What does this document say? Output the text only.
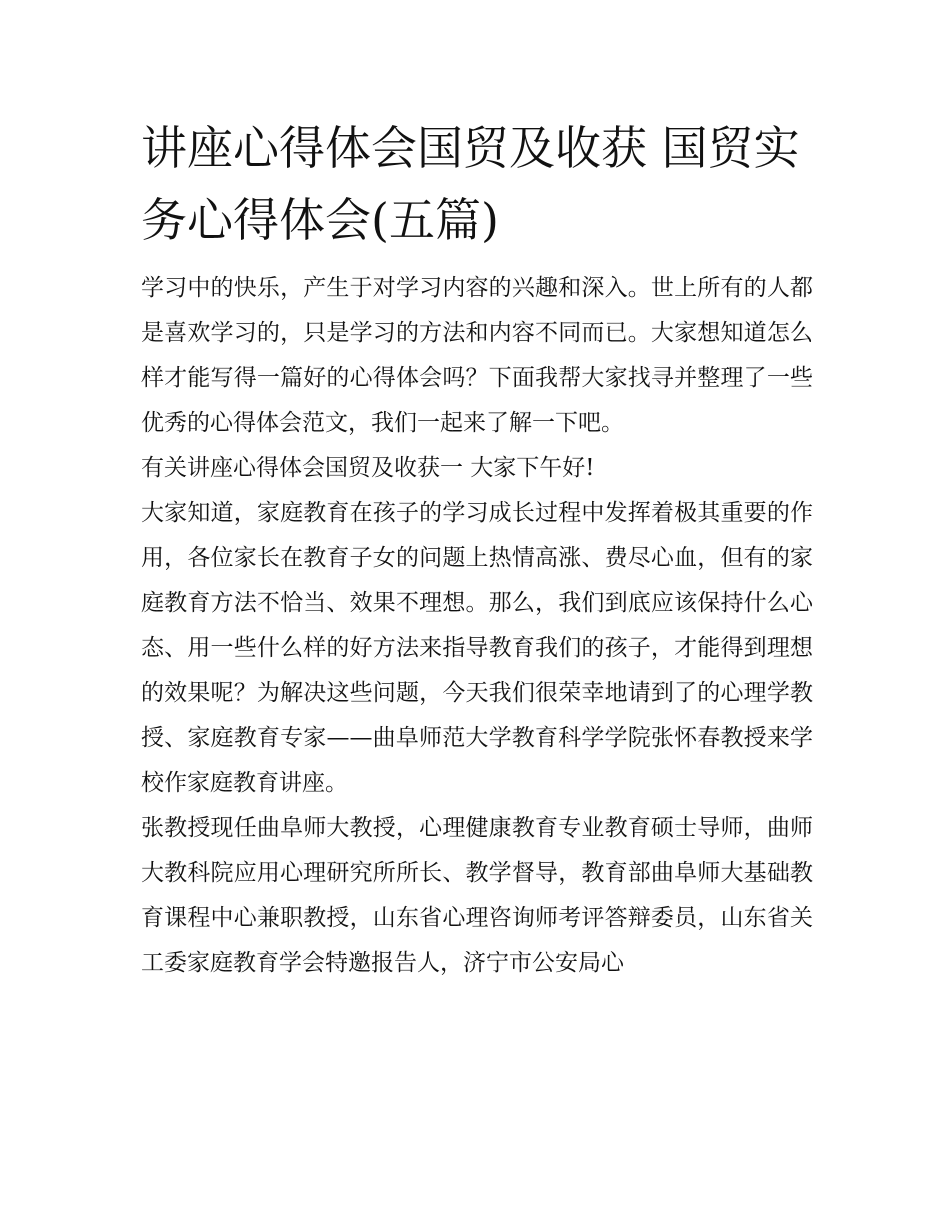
讲座心得体会国贸及收获 国贸实务心得体会(五篇)

学习中的快乐，产生于对学习内容的兴趣和深入。世上所有的人都是喜欢学习的，只是学习的方法和内容不同而已。大家想知道怎么样才能写得一篇好的心得体会吗？下面我帮大家找寻并整理了一些优秀的心得体会范文，我们一起来了解一下吧。

有关讲座心得体会国贸及收获一 大家下午好!

大家知道，家庭教育在孩子的学习成长过程中发挥着极其重要的作用，各位家长在教育子女的问题上热情高涨、费尽心血，但有的家庭教育方法不恰当、效果不理想。那么，我们到底应该保持什么心态、用一些什么样的好方法来指导教育我们的孩子，才能得到理想的效果呢？为解决这些问题，今天我们很荣幸地请到了的心理学教授、家庭教育专家——曲阜师范大学教育科学学院张怀春教授来学校作家庭教育讲座。

张教授现任曲阜师大教授，心理健康教育专业教育硕士导师，曲师大教科院应用心理研究所所长、教学督导，教育部曲阜师大基础教育课程中心兼职教授，山东省心理咨询师考评答辩委员，山东省关工委家庭教育学会特邀报告人，济宁市公安局心
